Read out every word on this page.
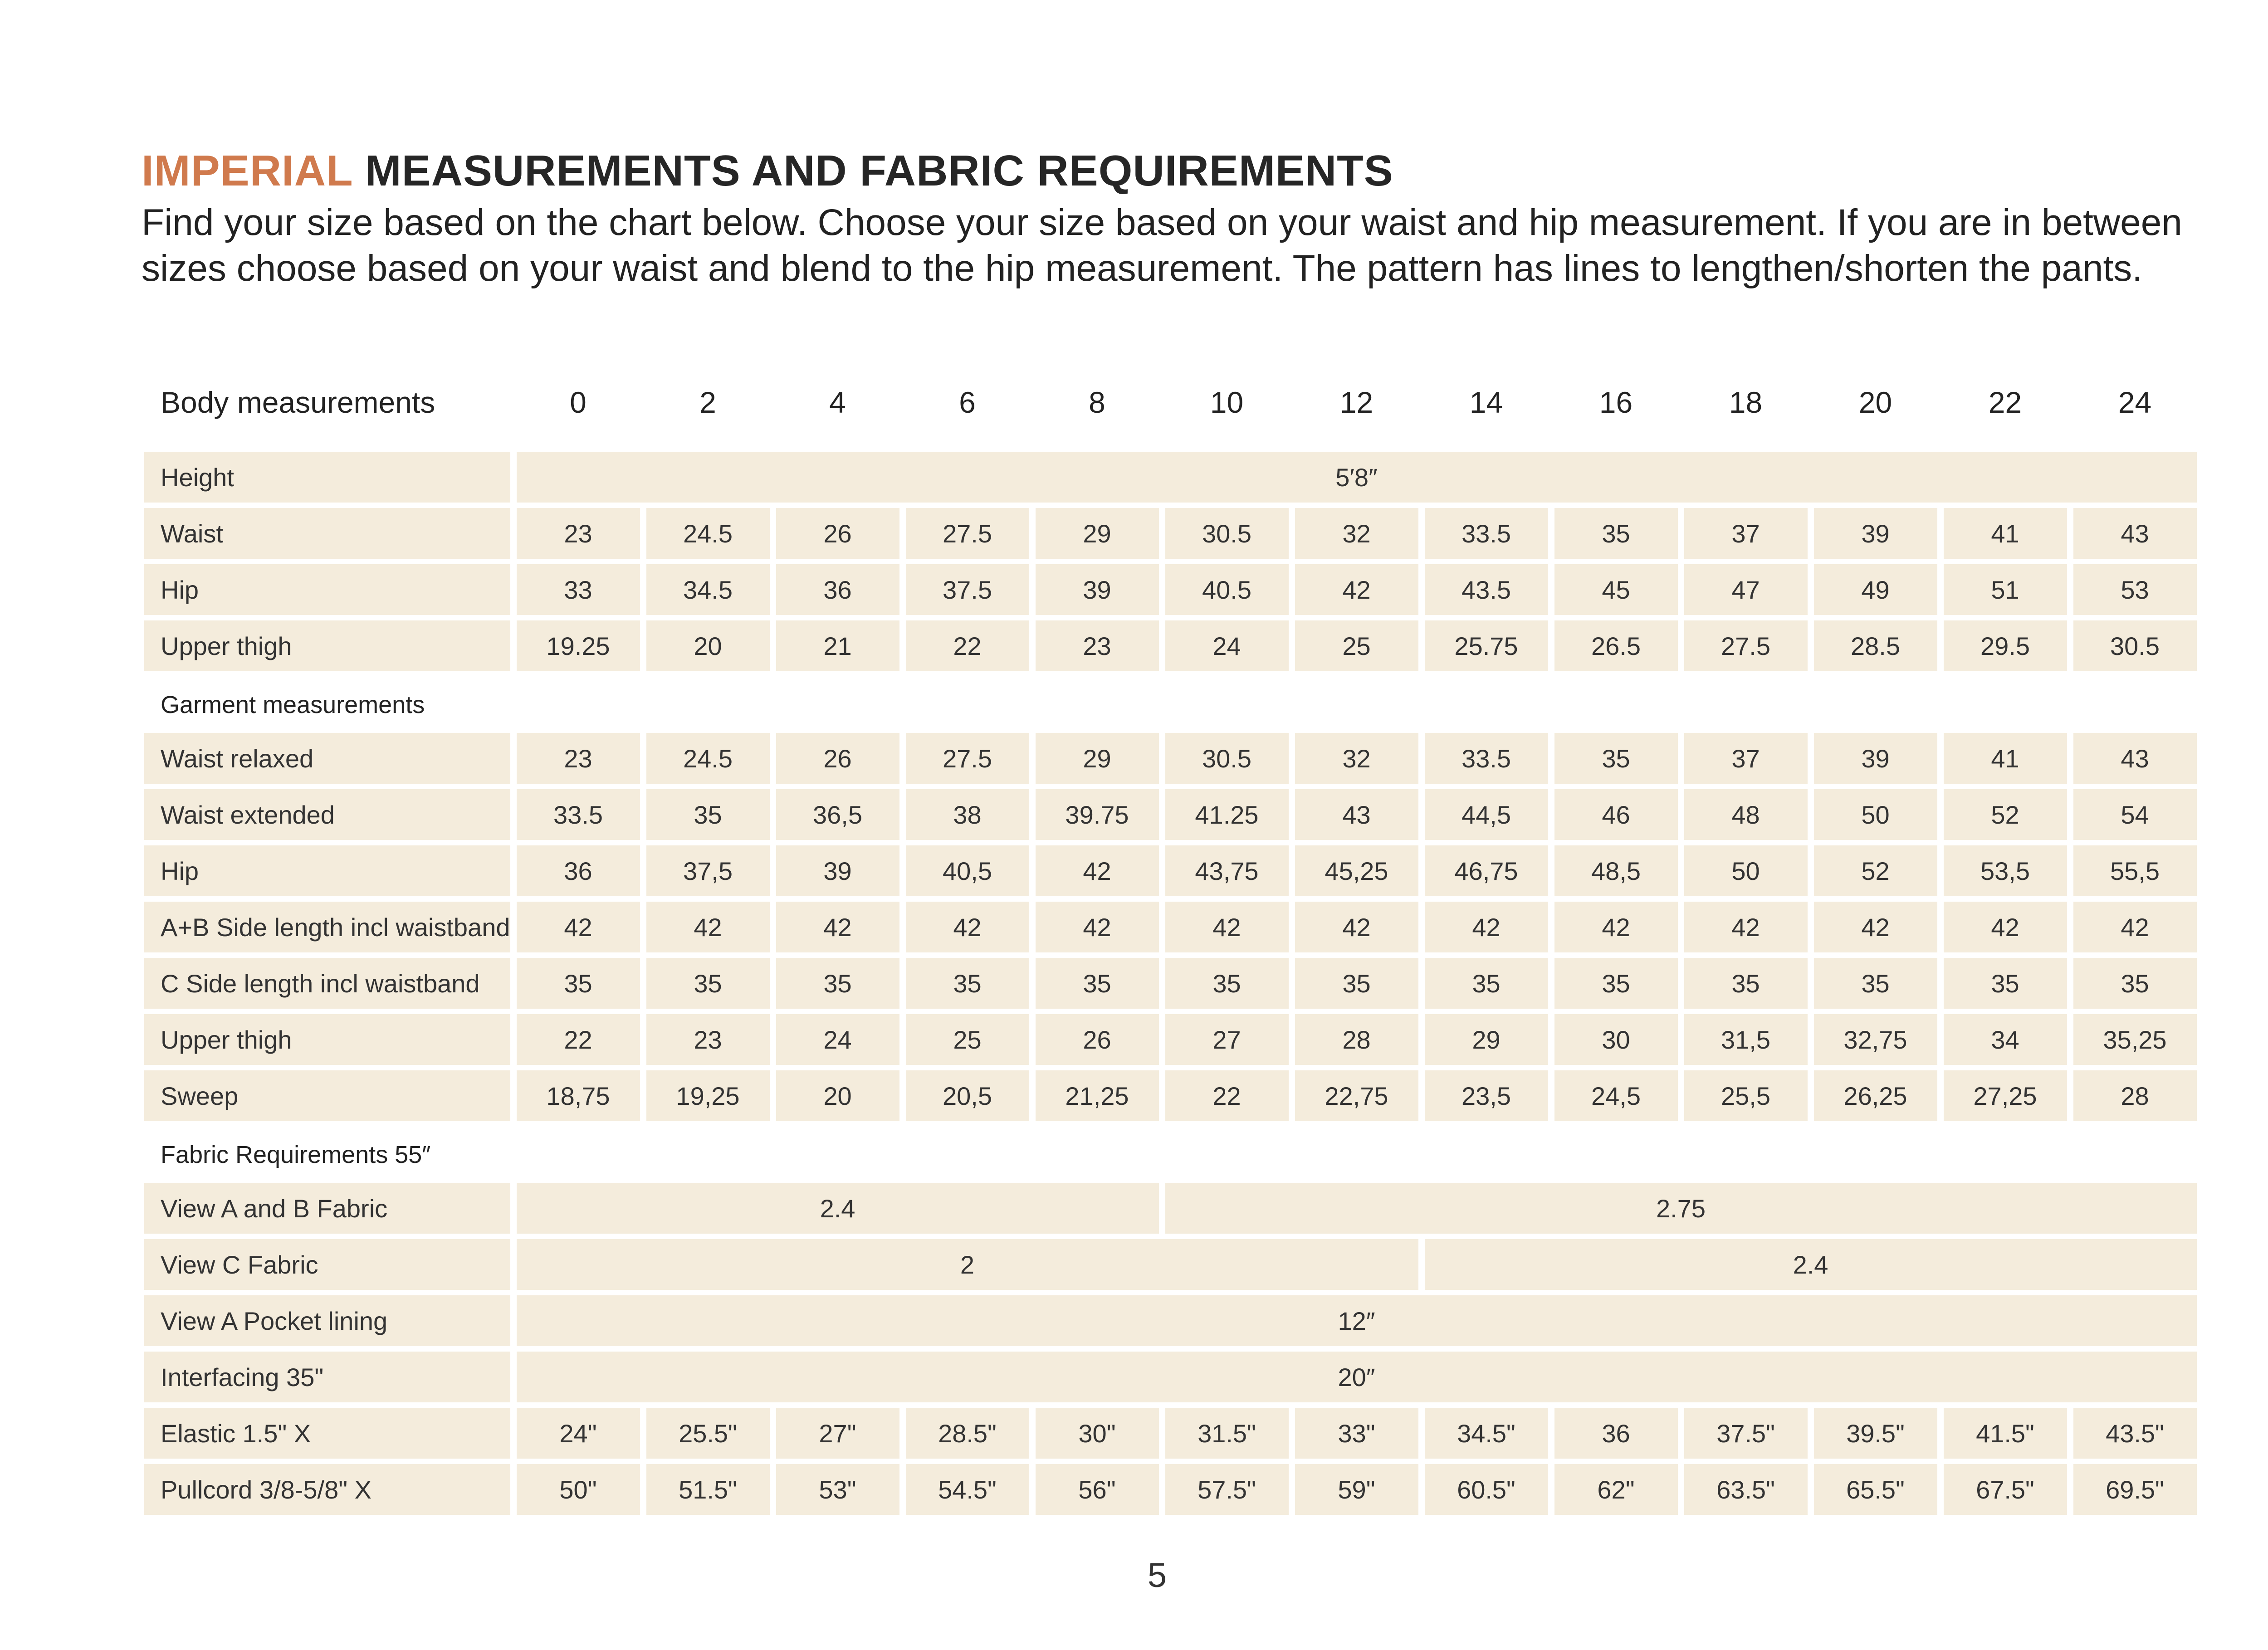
IMPERIAL MEASUREMENTS AND FABRIC REQUIREMENTS

Find your size based on the chart below. Choose your size based on your waist and hip measurement. If you are in between sizes choose based on your waist and blend to the hip measurement. The pattern has lines to lengthen/shorten the pants.

Body measurements	0	2	4	6	8	10	12	14	16	18	20	22	24

Height	5′8″												
Waist	23	24.5	26	27.5	29	30.5	32	33.5	35	37	39	41	43
Hip	33	34.5	36	37.5	39	40.5	42	43.5	45	47	49	51	53
Upper thigh	19.25	20	21	22	23	24	25	25.75	26.5	27.5	28.5	29.5	30.5
Garment measurements													
Waist relaxed	23	24.5	26	27.5	29	30.5	32	33.5	35	37	39	41	43
Waist extended	33.5	35	36,5	38	39.75	41.25	43	44,5	46	48	50	52	54
Hip	36	37,5	39	40,5	42	43,75	45,25	46,75	48,5	50	52	53,5	55,5
A+B Side length incl waistband	42	42	42	42	42	42	42	42	42	42	42	42	42
C Side length incl waistband	35	35	35	35	35	35	35	35	35	35	35	35	35
Upper thigh	22	23	24	25	26	27	28	29	30	31,5	32,75	34	35,25
Sweep	18,75	19,25	20	20,5	21,25	22	22,75	23,5	24,5	25,5	26,25	27,25	28
Fabric Requirements 55″													
View A and B Fabric	2.4					2.75							
View C Fabric	2							2.4					
View A Pocket lining	12″												
Interfacing 35"	20″												
Elastic 1.5" X	24"	25.5"	27"	28.5"	30"	31.5"	33"	34.5"	36	37.5"	39.5"	41.5"	43.5"
Pullcord 3/8-5/8" X	50"	51.5"	53"	54.5"	56"	57.5"	59"	60.5"	62"	63.5"	65.5"	67.5"	69.5"
5
